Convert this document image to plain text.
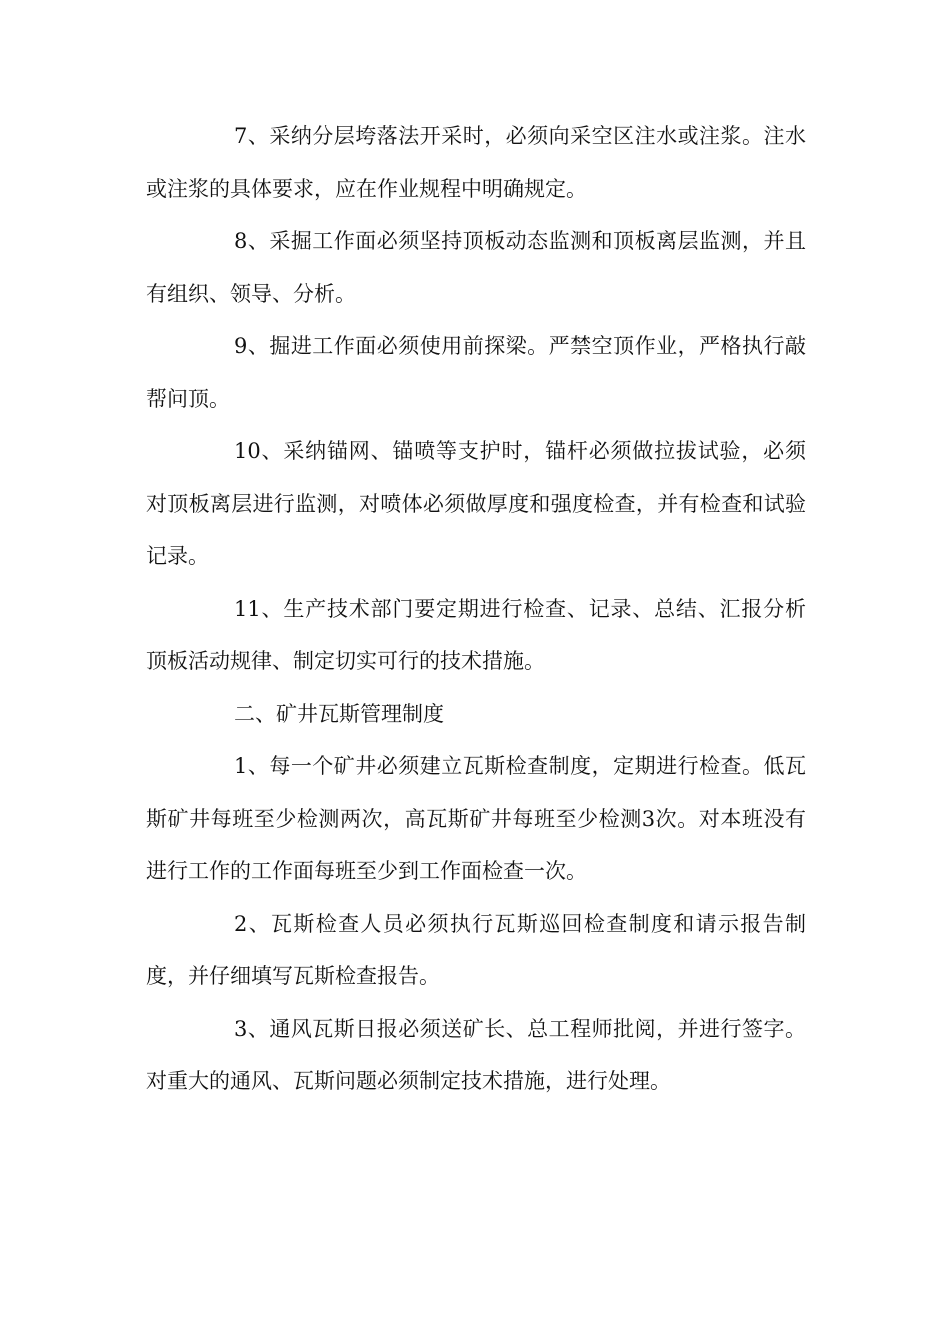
7、采纳分层垮落法开采时，必须向采空区注水或注浆。注水或注浆的具体要求，应在作业规程中明确规定。

8、采掘工作面必须坚持顶板动态监测和顶板离层监测，并且有组织、领导、分析。

9、掘进工作面必须使用前探梁。严禁空顶作业，严格执行敲帮问顶。

10、采纳锚网、锚喷等支护时，锚杆必须做拉拔试验，必须对顶板离层进行监测，对喷体必须做厚度和强度检查，并有检查和试验记录。

11、生产技术部门要定期进行检查、记录、总结、汇报分析顶板活动规律、制定切实可行的技术措施。

二、矿井瓦斯管理制度

1、每一个矿井必须建立瓦斯检查制度，定期进行检查。低瓦斯矿井每班至少检测两次，高瓦斯矿井每班至少检测3次。对本班没有进行工作的工作面每班至少到工作面检查一次。

2、瓦斯检查人员必须执行瓦斯巡回检查制度和请示报告制度，并仔细填写瓦斯检查报告。

3、通风瓦斯日报必须送矿长、总工程师批阅，并进行签字。对重大的通风、瓦斯问题必须制定技术措施，进行处理。
